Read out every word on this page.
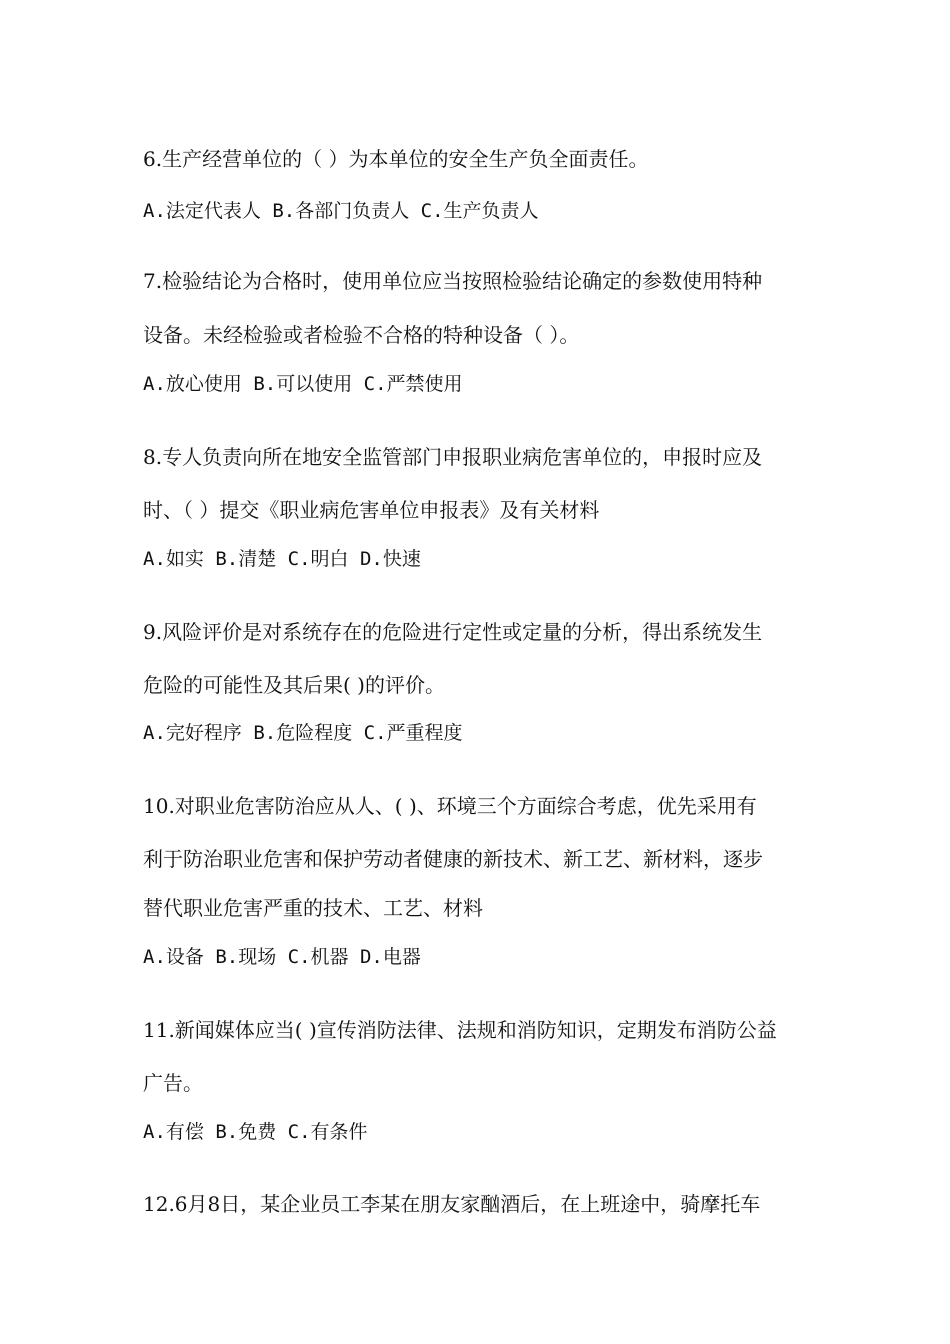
6.生产经营单位的（ ）为本单位的安全生产负全面责任。
A.法定代表人 B.各部门负责人 C.生产负责人
7.检验结论为合格时，使用单位应当按照检验结论确定的参数使用特种
设备。未经检验或者检验不合格的特种设备（ ）。
A.放心使用 B.可以使用 C.严禁使用
8.专人负责向所在地安全监管部门申报职业病危害单位的，申报时应及
时、（ ）提交《职业病危害单位申报表》及有关材料
A.如实 B.清楚 C.明白 D.快速
9.风险评价是对系统存在的危险进行定性或定量的分析，得出系统发生
危险的可能性及其后果( )的评价。
A.完好程序 B.危险程度 C.严重程度
10.对职业危害防治应从人、( )、环境三个方面综合考虑，优先采用有
利于防治职业危害和保护劳动者健康的新技术、新工艺、新材料，逐步
替代职业危害严重的技术、工艺、材料
A.设备 B.现场 C.机器 D.电器
11.新闻媒体应当( )宣传消防法律、法规和消防知识，定期发布消防公益
广告。
A.有偿 B.免费 C.有条件
12.6月8日，某企业员工李某在朋友家酗酒后，在上班途中，骑摩托车
